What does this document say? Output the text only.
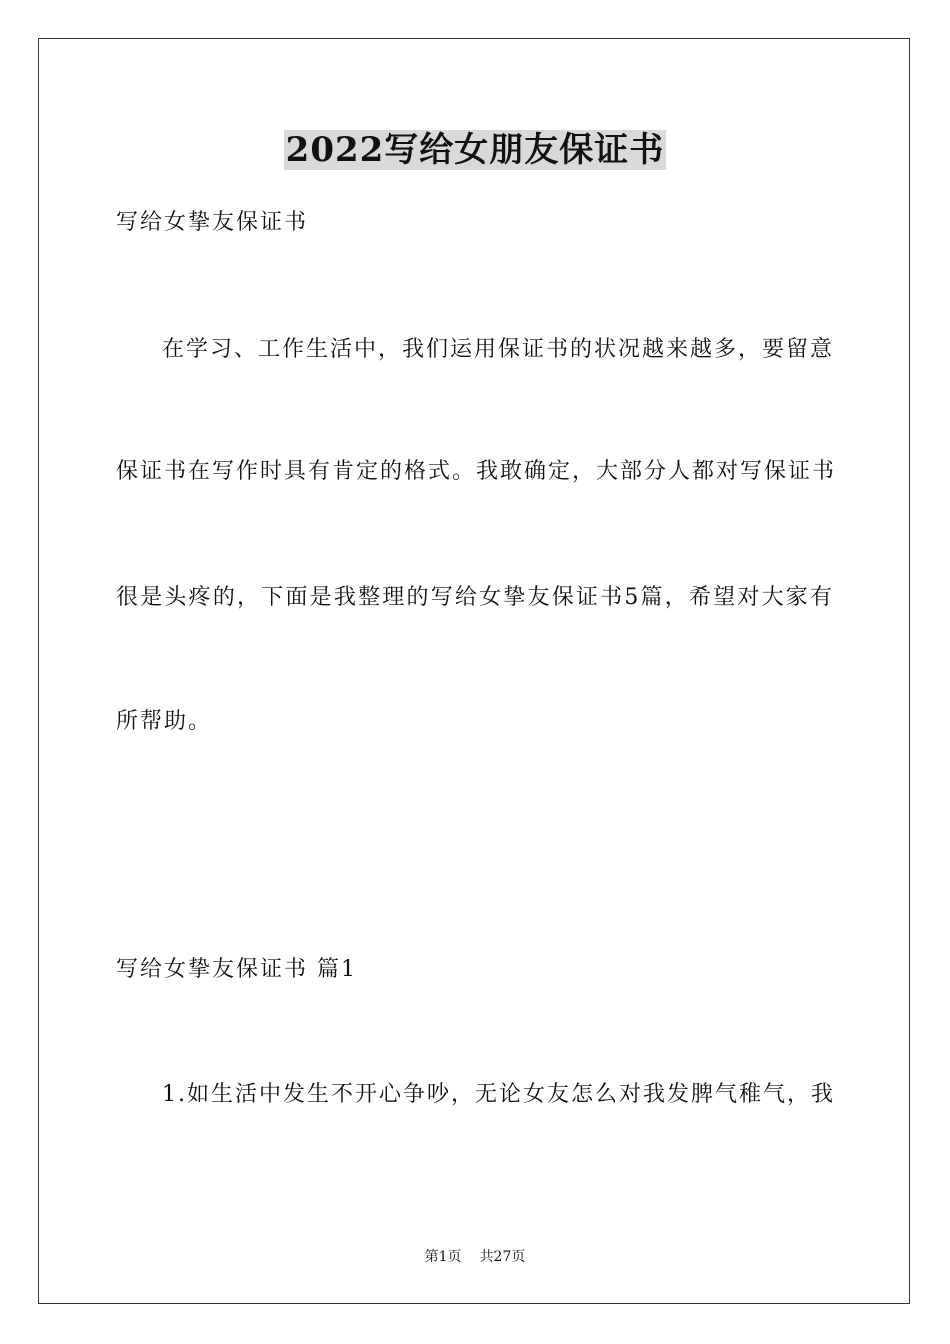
2022写给女朋友保证书
写给女挚友保证书
在学习、工作生活中，我们运用保证书的状况越来越多，要留意
保证书在写作时具有肯定的格式。我敢确定，大部分人都对写保证书
很是头疼的，下面是我整理的写给女挚友保证书5篇，希望对大家有
所帮助。
写给女挚友保证书 篇1
1.如生活中发生不开心争吵，无论女友怎么对我发脾气稚气，我
第1页 共27页
